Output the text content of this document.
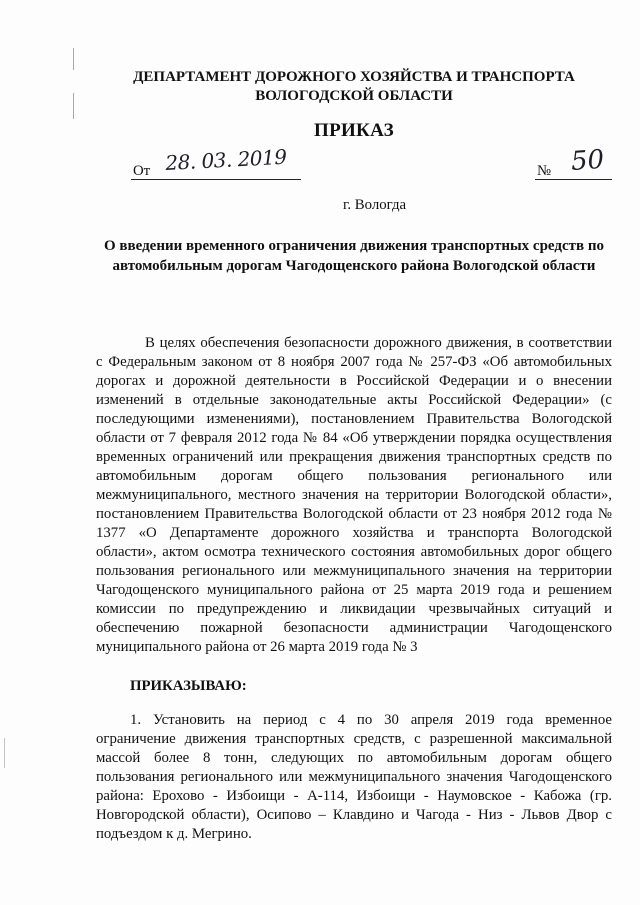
ДЕПАРТАМЕНТ ДОРОЖНОГО ХОЗЯЙСТВА И ТРАНСПОРТА
ВОЛОГОДСКОЙ ОБЛАСТИ
ПРИКАЗ
От 28. 03. 2019	№ 50
г. Вологда
О введении временного ограничения движения транспортных средств по
автомобильным дорогам Чагодощенского района Вологодской области
В целях обеспечения безопасности дорожного движения, в соответствии
с Федеральным законом от 8 ноября 2007 года № 257-ФЗ «Об автомобильных
дорогах и дорожной деятельности в Российской Федерации и о внесении
изменений в отдельные законодательные акты Российской Федерации» (с
последующими изменениями), постановлением Правительства Вологодской
области от 7 февраля 2012 года № 84 «Об утверждении порядка осуществления
временных ограничений или прекращения движения транспортных средств по
автомобильным дорогам общего пользования регионального или
межмуниципального, местного значения на территории Вологодской области»,
постановлением Правительства Вологодской области от 23 ноября 2012 года №
1377 «О Департаменте дорожного хозяйства и транспорта Вологодской
области», актом осмотра технического состояния автомобильных дорог общего
пользования регионального или межмуниципального значения на территории
Чагодощенского муниципального района от 25 марта 2019 года и решением
комиссии по предупреждению и ликвидации чрезвычайных ситуаций и
обеспечению пожарной безопасности администрации Чагодощенского
муниципального района от 26 марта 2019 года № 3
ПРИКАЗЫВАЮ:
1. Установить на период с 4 по 30 апреля 2019 года временное
ограничение движения транспортных средств, с разрешенной максимальной
массой более 8 тонн, следующих по автомобильным дорогам общего
пользования регионального или межмуниципального значения Чагодощенского
района: Ерохово - Избоищи - А-114, Избоищи - Наумовское - Кабожа (гр.
Новгородской области), Осипово – Клавдино и Чагода - Низ - Львов Двор с
подъездом к д. Мегрино.
